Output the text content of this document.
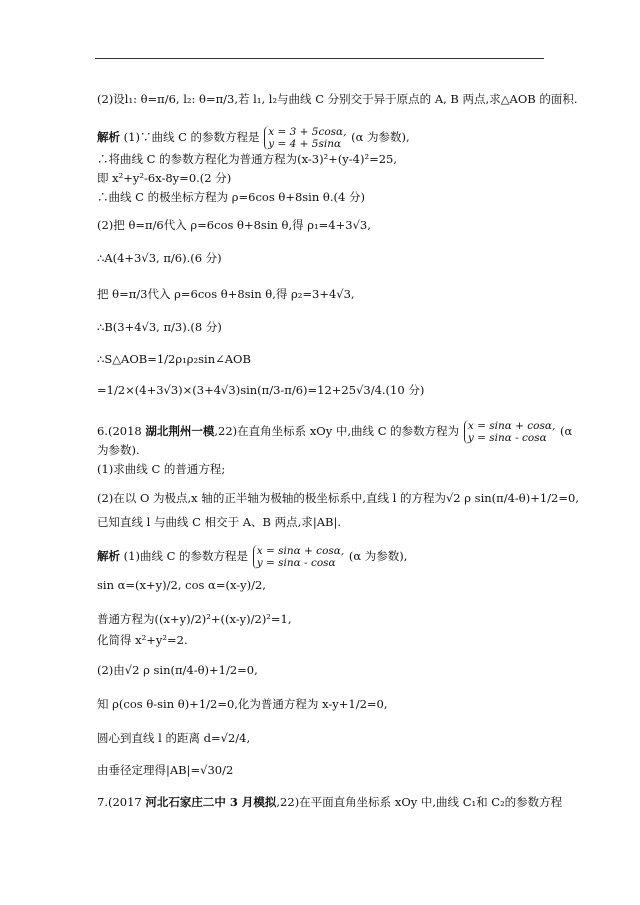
(2)设l₁: θ=π/6, l₂: θ=π/3,若 l₁, l₂与曲线 C 分别交于异于原点的 A, B 两点,求△AOB 的面积.
解析 (1)∵曲线 C 的参数方程是 x = 3 + 5cosα,
y = 4 + 5sinα (α 为参数),
∴将曲线 C 的参数方程化为普通方程为(x-3)²+(y-4)²=25,
即 x²+y²-6x-8y=0.(2 分)
∴曲线 C 的极坐标方程为 ρ=6cos θ+8sin θ.(4 分)
(2)把 θ=π/6代入 ρ=6cos θ+8sin θ,得 ρ₁=4+3√3,
∴A(4+3√3, π/6).(6 分)
把 θ=π/3代入 ρ=6cos θ+8sin θ,得 ρ₂=3+4√3,
∴B(3+4√3, π/3).(8 分)
∴S△AOB=1/2ρ₁ρ₂sin∠AOB
=1/2×(4+3√3)×(3+4√3)sin(π/3-π/6)=12+25√3/4.(10 分)
6.(2018 湖北荆州一模,22)在直角坐标系 xOy 中,曲线 C 的参数方程为 x = sinα + cosα,
y = sinα - cosα	(α
为参数).
(1)求曲线 C 的普通方程;
(2)在以 O 为极点,x 轴的正半轴为极轴的极坐标系中,直线 l 的方程为√2 ρ sin(π/4-θ)+1/2=0,
已知直线 l 与曲线 C 相交于 A、B 两点,求|AB|.
解析 (1)曲线 C 的参数方程是 x = sinα + cosα,
y = sinα - cosα	(α 为参数),
sin α=(x+y)/2, cos α=(x-y)/2,
普通方程为((x+y)/2)²+((x-y)/2)²=1,
化简得 x²+y²=2.
(2)由√2 ρ sin(π/4-θ)+1/2=0,
知 ρ(cos θ-sin θ)+1/2=0,化为普通方程为 x-y+1/2=0,
圆心到直线 l 的距离 d=√2/4,
由垂径定理得|AB|=√30/2
7.(2017 河北石家庄二中 3 月模拟,22)在平面直角坐标系 xOy 中,曲线 C₁和 C₂的参数方程
